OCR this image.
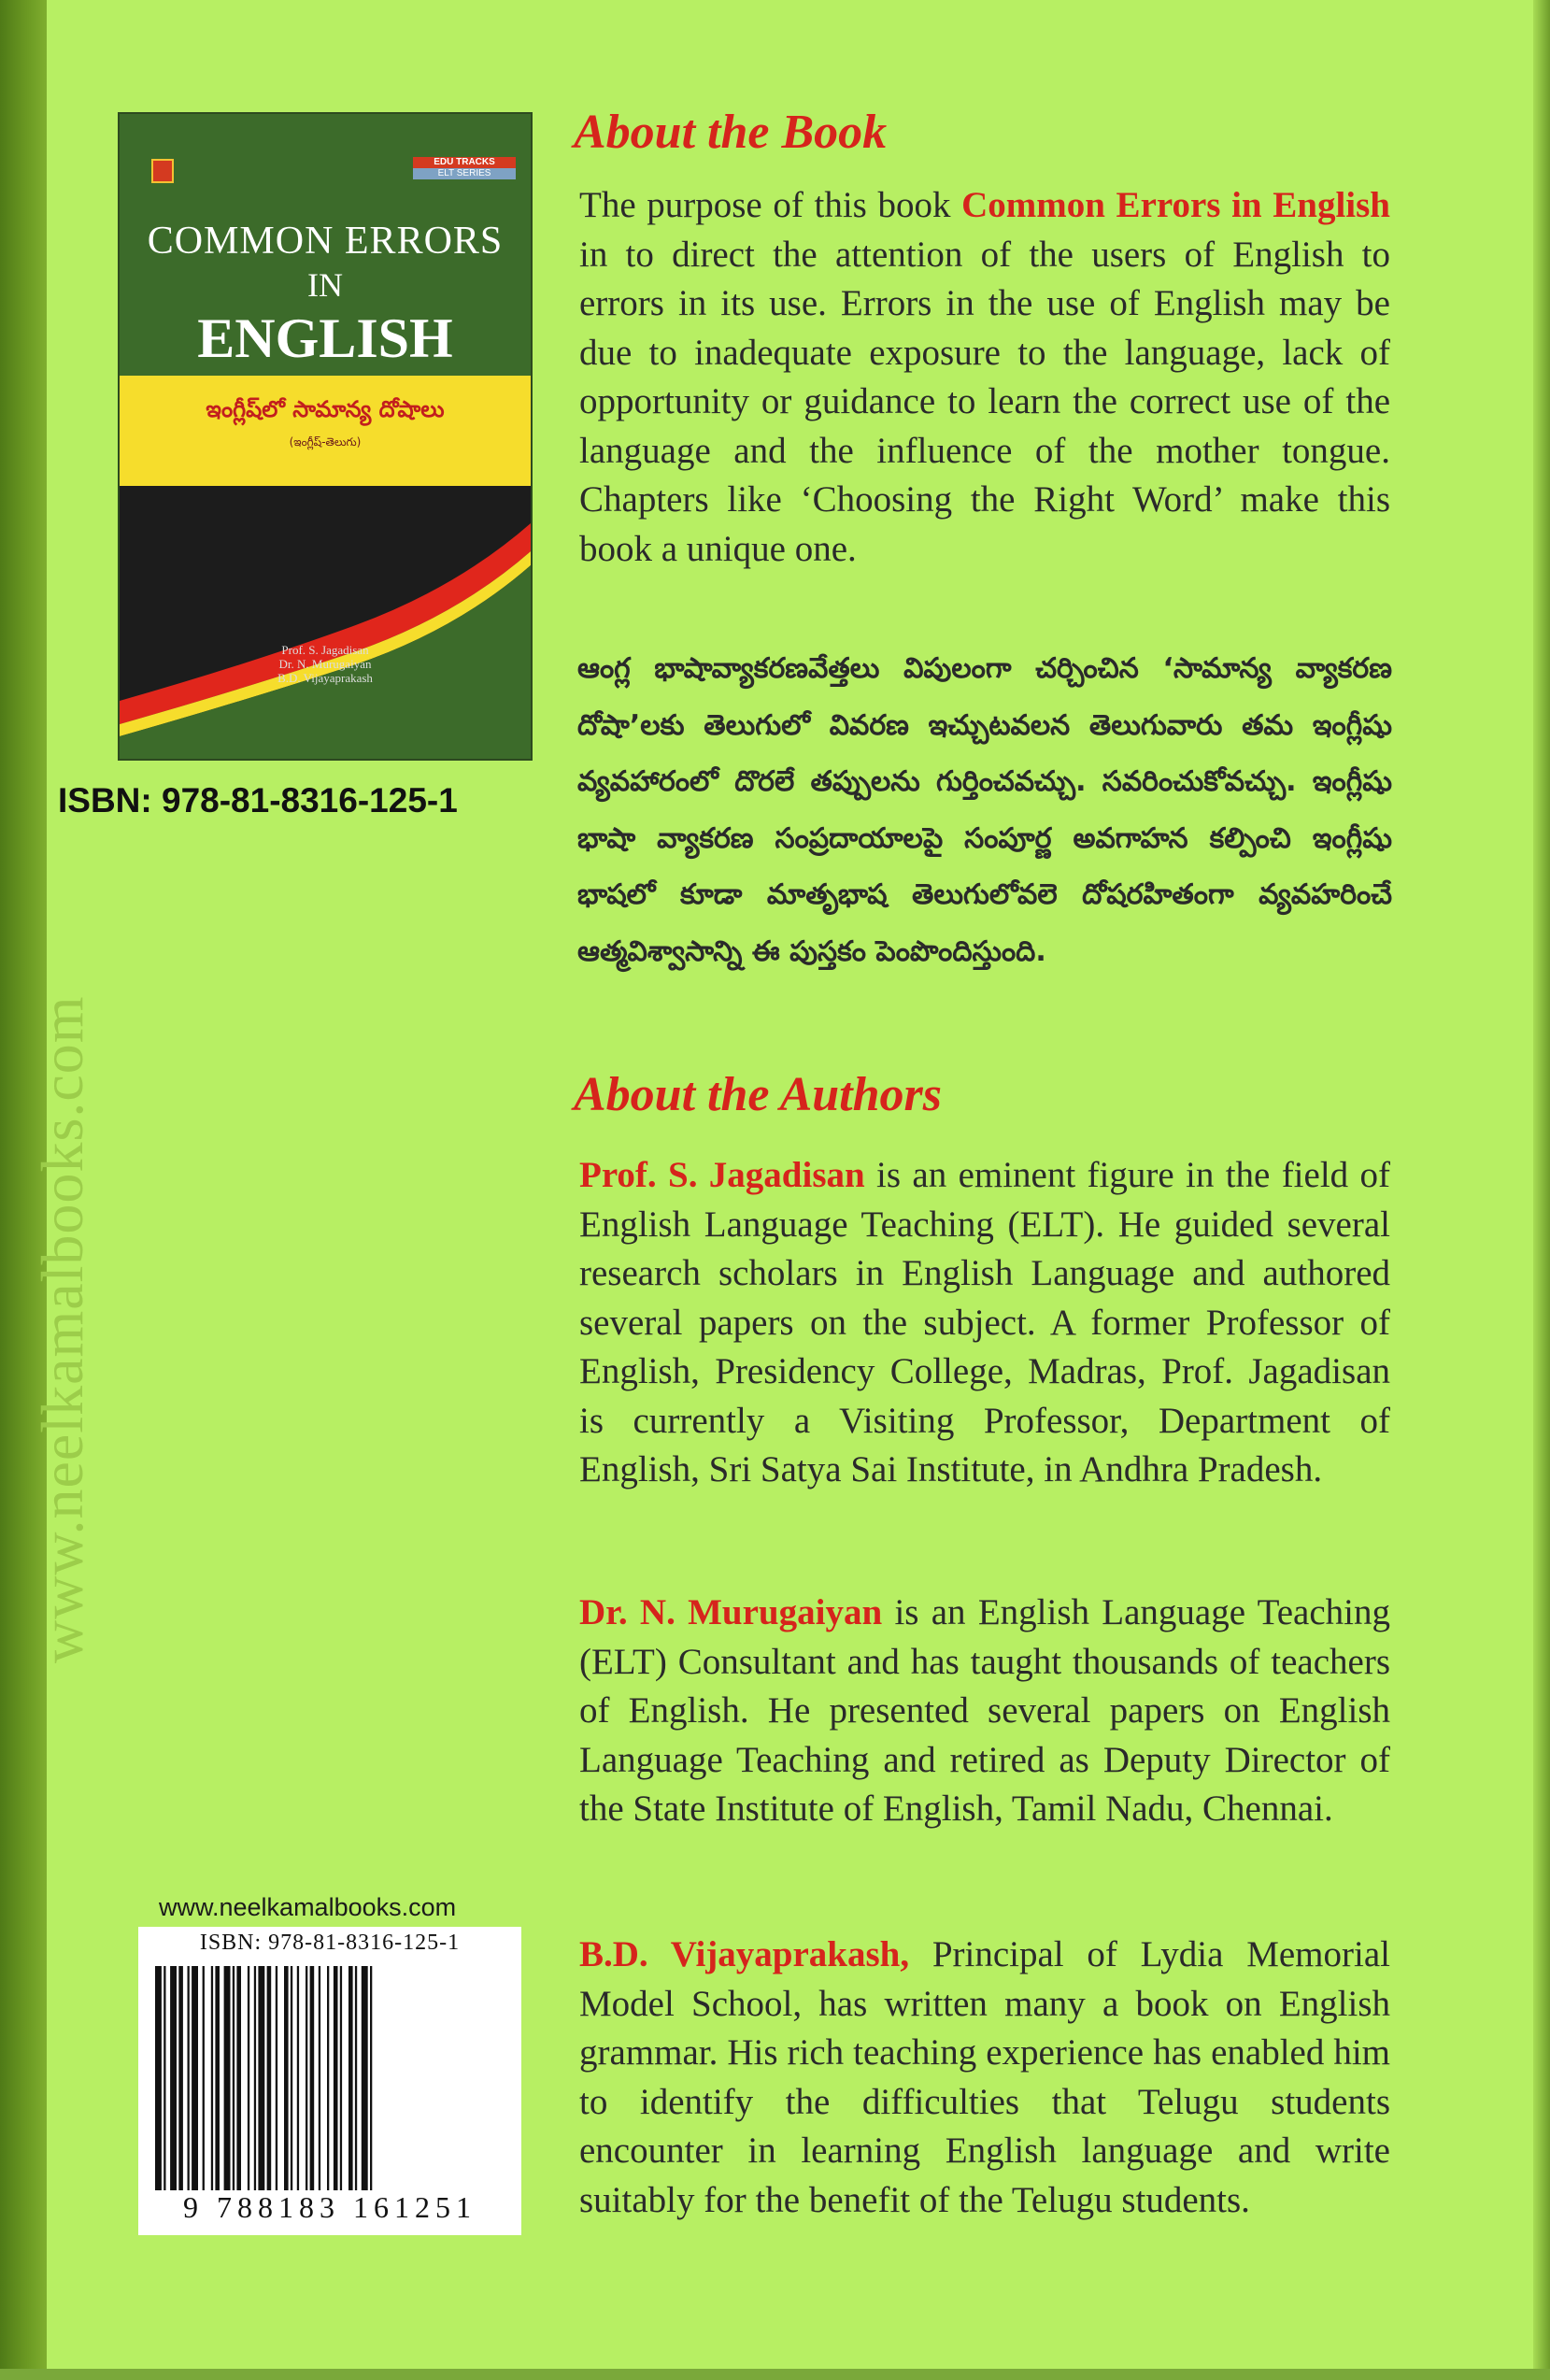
www.neelkamalbooks.com
EDU TRACKS
ELT SERIES
COMMON ERRORS
IN
ENGLISH
ఇంగ్లీష్‌లో సామాన్య దోషాలు
(ఇంగ్లీష్-తెలుగు)
Prof. S. Jagadisan
Dr. N. Murugaiyan
B.D. Vijayaprakash
ISBN: 978-81-8316-125-1
About the Book
The purpose of this book Common Errors in English in to direct the attention of the users of English to errors in its use. Errors in the use of English may be due to inadequate exposure to the language, lack of opportunity or guidance to learn the correct use of the language and the influence of the mother tongue. Chapters like ‘Choosing the Right Word’ make this book a unique one.
ఆంగ్ల భాషావ్యాకరణవేత్తలు విపులంగా చర్చించిన ‘సామాన్య వ్యాకరణ దోషా’లకు తెలుగులో వివరణ ఇచ్చుటవలన తెలుగువారు తమ ఇంగ్లీషు వ్యవహారంలో దొరలే తప్పులను గుర్తించవచ్చు. సవరించుకోవచ్చు. ఇంగ్లీషు భాషా వ్యాకరణ సంప్రదాయాలపై సంపూర్ణ అవగాహన కల్పించి ఇంగ్లీషు భాషలో కూడా మాతృభాష తెలుగులోవలె దోషరహితంగా వ్యవహరించే ఆత్మవిశ్వాసాన్ని ఈ పుస్తకం పెంపొందిస్తుంది.
About the Authors
Prof. S. Jagadisan is an eminent figure in the field of English Language Teaching (ELT). He guided several research scholars in English Language and authored several papers on the subject. A former Professor of English, Presidency College, Madras, Prof. Jagadisan is currently a Visiting Professor, Department of English, Sri Satya Sai Institute, in Andhra Pradesh.
Dr. N. Murugaiyan is an English Language Teaching (ELT) Consultant and has taught thousands of teachers of English. He presented several papers on English Language Teaching and retired as Deputy Director of the State Institute of English, Tamil Nadu, Chennai.
B.D. Vijayaprakash, Principal of Lydia Memorial Model School, has written many a book on English grammar. His rich teaching experience has enabled him to identify the difficulties that Telugu students encounter in learning English language and write suitably for the benefit of the Telugu students.
www.neelkamalbooks.com
ISBN: 978-81-8316-125-1
9 788183 161251
